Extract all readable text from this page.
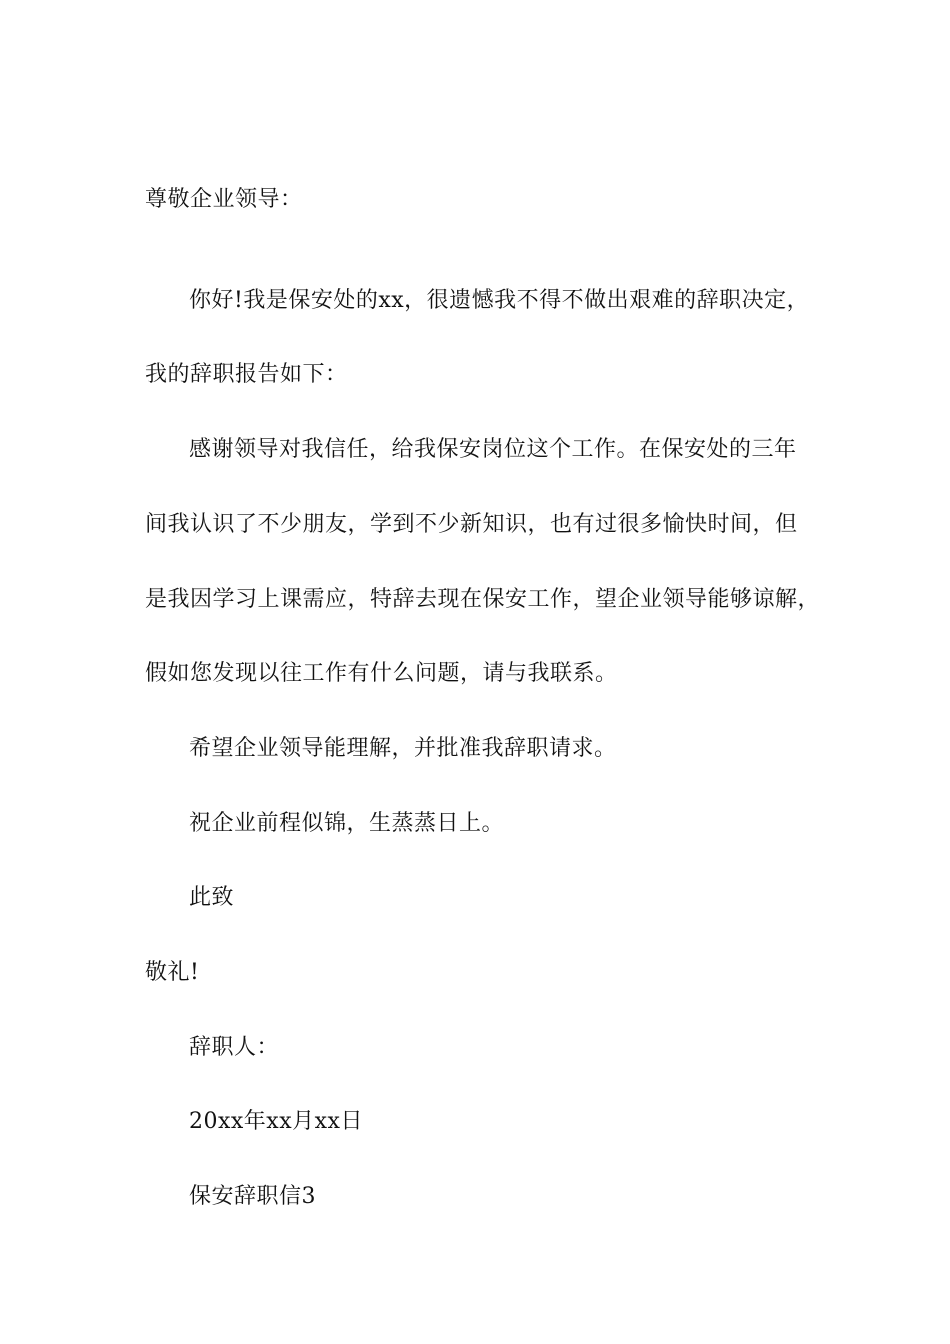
尊敬企业领导：
你好!我是保安处的xx，很遗憾我不得不做出艰难的辞职决定，
我的辞职报告如下：
感谢领导对我信任，给我保安岗位这个工作。在保安处的三年
间我认识了不少朋友，学到不少新知识，也有过很多愉快时间，但
是我因学习上课需应，特辞去现在保安工作，望企业领导能够谅解，
假如您发现以往工作有什么问题，请与我联系。
希望企业领导能理解，并批准我辞职请求。
祝企业前程似锦，生蒸蒸日上。
此致
敬礼!
辞职人：
20xx年xx月xx日
保安辞职信3
